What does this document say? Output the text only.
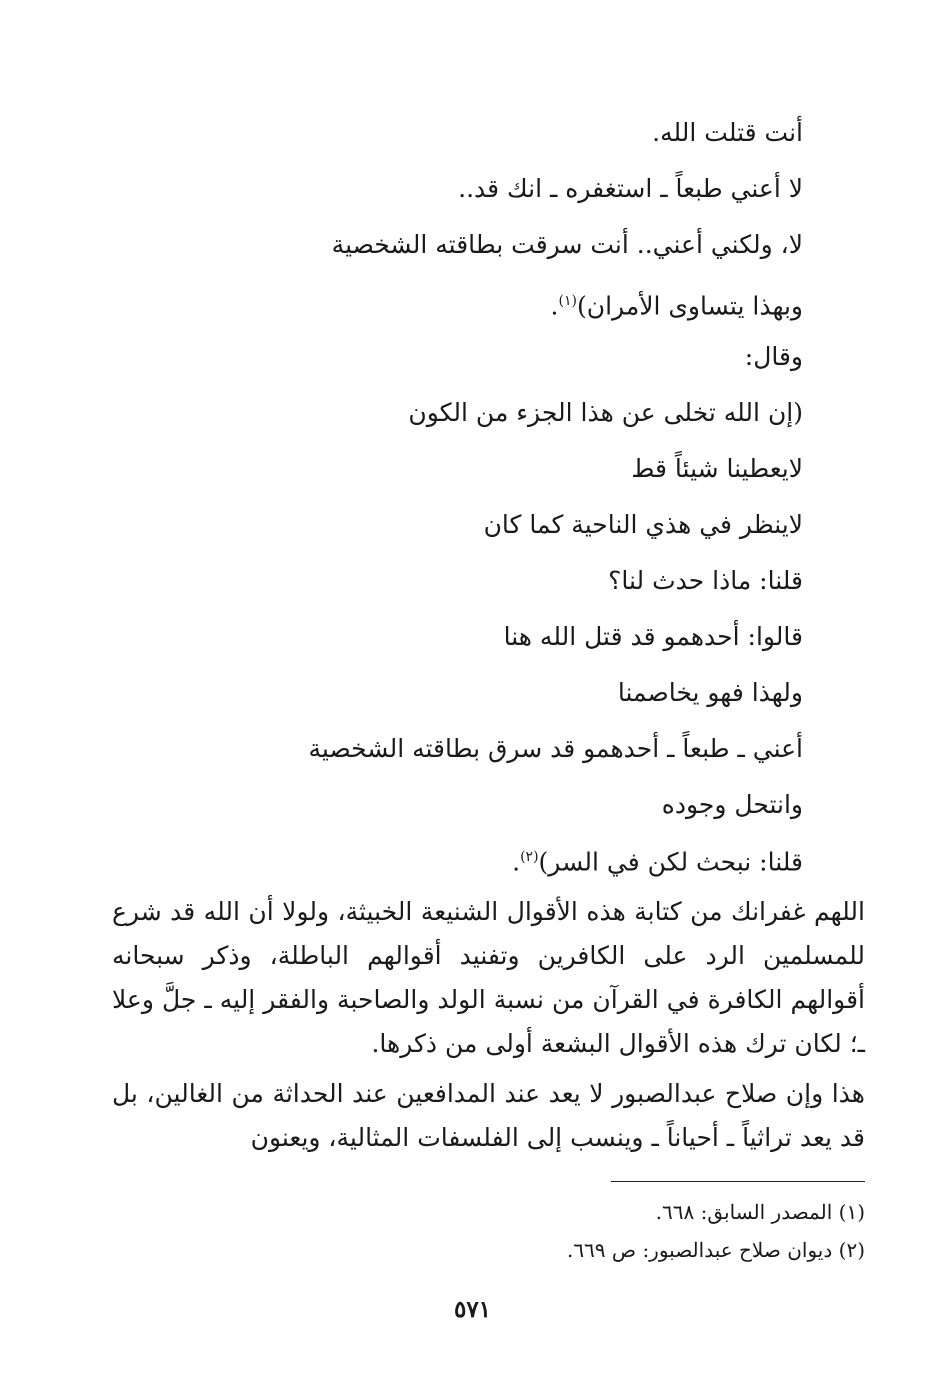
أنت قتلت الله.
لا أعني طبعاً ـ استغفره ـ انك قد..
لا، ولكني أعني.. أنت سرقت بطاقته الشخصية
وبهذا يتساوى الأمران)$^{(١)}$.
وقال:
(إن الله تخلى عن هذا الجزء من الكون
لايعطينا شيئاً قط
لاينظر في هذي الناحية كما كان
قلنا: ماذا حدث لنا؟
قالوا: أحدهمو قد قتل الله هنا
ولهذا فهو يخاصمنا
أعني ـ طبعاً ـ أحدهمو قد سرق بطاقته الشخصية
وانتحل وجوده
قلنا: نبحث لكن في السر)$^{(٢)}$.
اللهم غفرانك من كتابة هذه الأقوال الشنيعة الخبيثة، ولولا أن الله قد شرع للمسلمين الرد على الكافرين وتفنيد أقوالهم الباطلة، وذكر سبحانه أقوالهم الكافرة في القرآن من نسبة الولد والصاحبة والفقر إليه ـ جلَّ وعلا ـ؛ لكان ترك هذه الأقوال البشعة أولى من ذكرها.
هذا وإن صلاح عبدالصبور لا يعد عند المدافعين عند الحداثة من الغالين، بل قد يعد تراثياً ـ أحياناً ـ وينسب إلى الفلسفات المثالية، ويعنون
(١) المصدر السابق: ٦٦٨.
(٢) ديوان صلاح عبدالصبور: ص ٦٦٩.
٥٧١
